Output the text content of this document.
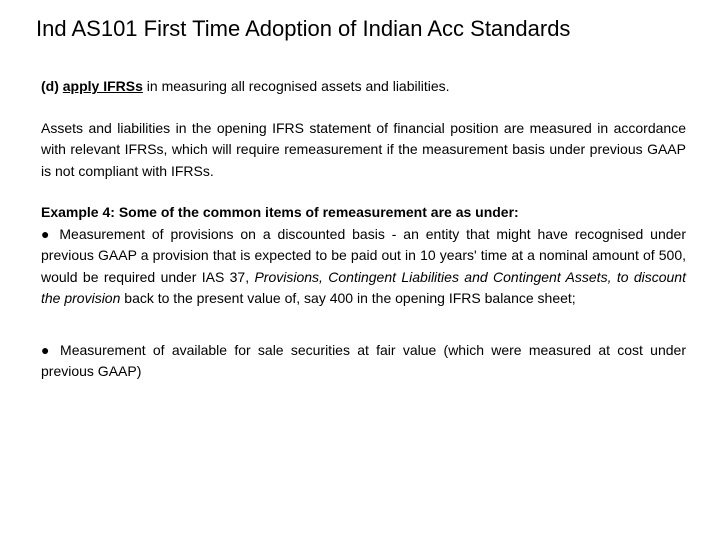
Ind AS101 First Time Adoption of Indian Acc Standards

(d) apply IFRSs in measuring all recognised assets and liabilities.

Assets and liabilities in the opening IFRS statement of financial position are measured in accordance with relevant IFRSs, which will require remeasurement if the measurement basis under previous GAAP is not compliant with IFRSs.

Example 4: Some of the common items of remeasurement are as under:
● Measurement of provisions on a discounted basis - an entity that might have recognised under previous GAAP a provision that is expected to be paid out in 10 years' time at a nominal amount of 500, would be required under IAS 37, Provisions, Contingent Liabilities and Contingent Assets, to discount the provision back to the present value of, say 400 in the opening IFRS balance sheet;

● Measurement of available for sale securities at fair value (which were measured at cost under previous GAAP)
